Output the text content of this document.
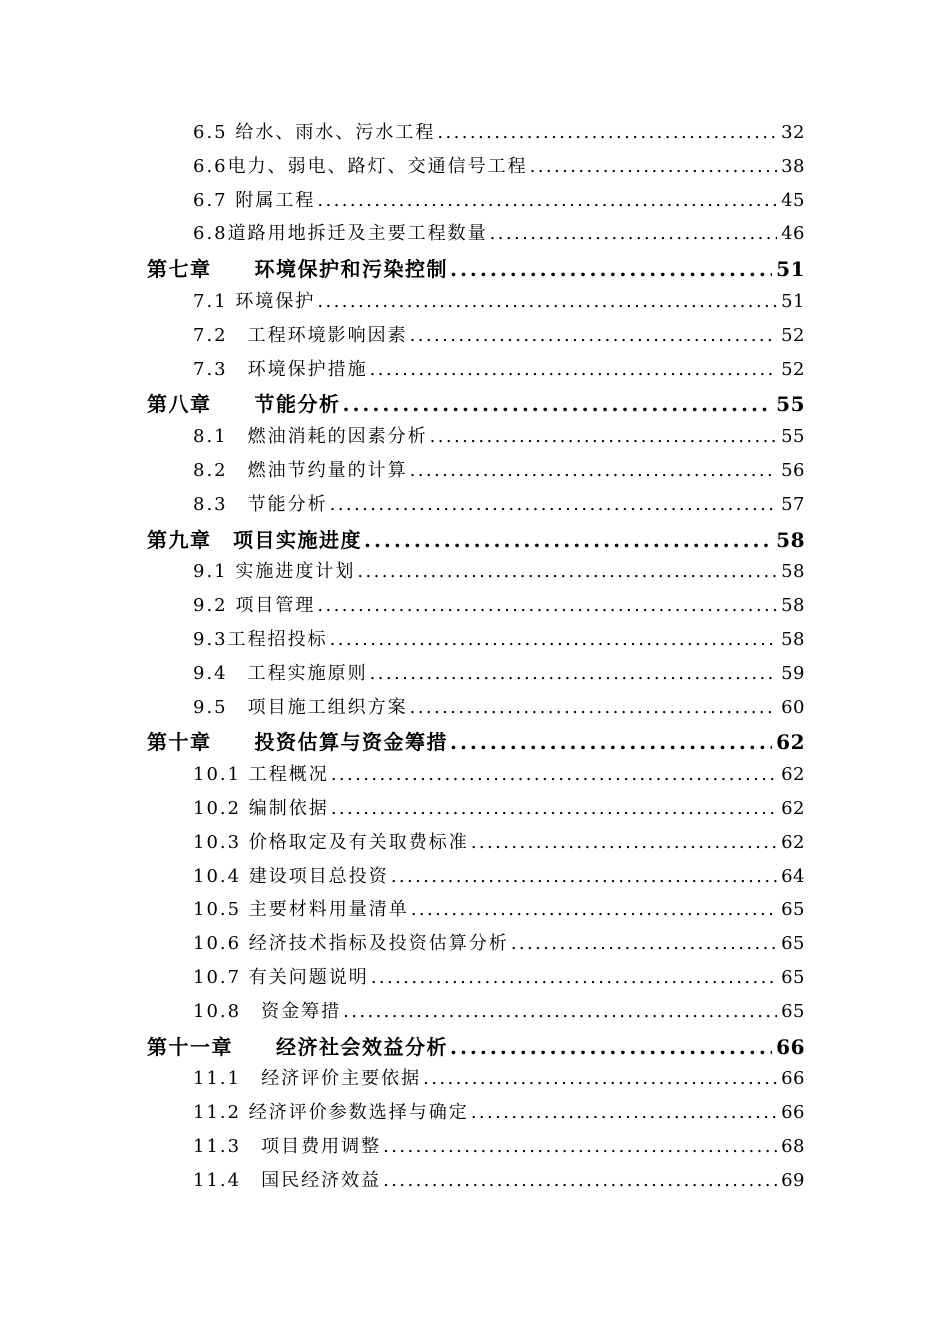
6.5 给水、雨水、污水工程 .....	32
6.6电力、弱电、路灯、交通信号工程 .....	38
6.7 附属工程 .....	45
6.8道路用地拆迁及主要工程数量 .....	46
第七章　　环境保护和污染控制 .....	51
7.1 环境保护 .....	51
7.2　工程环境影响因素 .....	52
7.3　环境保护措施 .....	52
第八章　　节能分析 .....	55
8.1　燃油消耗的因素分析 .....	55
8.2　燃油节约量的计算 .....	56
8.3　节能分析 .....	57
第九章　项目实施进度 .....	58
9.1 实施进度计划 .....	58
9.2 项目管理 .....	58
9.3工程招投标 .....	58
9.4　工程实施原则 .....	59
9.5　项目施工组织方案 .....	60
第十章　　投资估算与资金筹措 .....	62
10.1 工程概况 .....	62
10.2 编制依据 .....	62
10.3 价格取定及有关取费标准 .....	62
10.4 建设项目总投资 .....	64
10.5 主要材料用量清单 .....	65
10.6 经济技术指标及投资估算分析 .....	65
10.7 有关问题说明 .....	65
10.8　资金筹措 .....	65
第十一章　　经济社会效益分析 .....	66
11.1　经济评价主要依据 .....	66
11.2 经济评价参数选择与确定 .....	66
11.3　项目费用调整 .....	68
11.4　国民经济效益 .....	69
